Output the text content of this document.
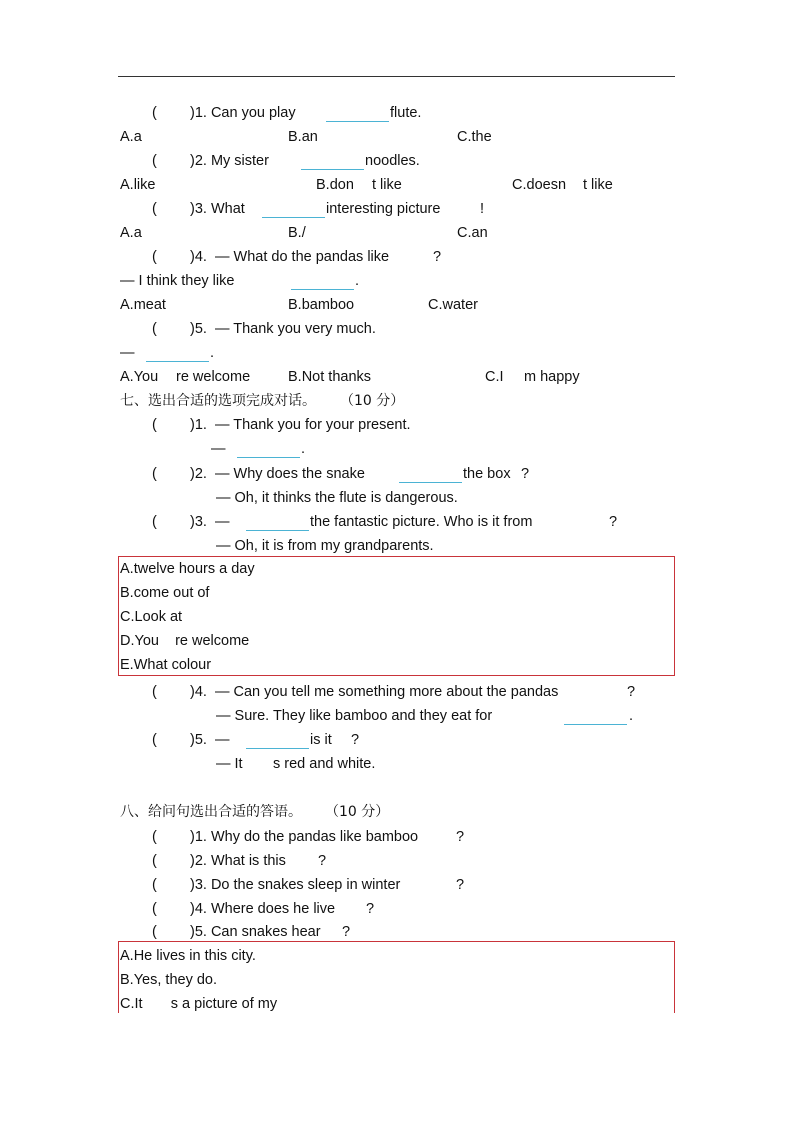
( )1. Can you play	flute.
A.a	B.an	C.the
( )2. My sister	noodles.
A.like	B.don t like	C.doesn t like
( )3. What	interesting picture	!
A.a	B./	C.an
( )4.  — What do the pandas like	?
— I think they like	.
A.meat	B.bamboo	C.water
( )5.  — Thank you very much.
—	.
A.You re welcome	B.Not thanks	C.I m happy
七、选出合适的选项完成对话。 （10 分）
( )1.  — Thank you for your present.
—	.
( )2.  — Why does the snake	the box ?
— Oh, it thinks the flute is dangerous.
( )3.  —	the fantastic picture. Who is it from	?
— Oh, it is from my grandparents.
A.twelve hours a day
B.come out of
C.Look at
D.You    re welcome
E.What colour
( )4.  — Can you tell me something more about the pandas	?
— Sure. They like bamboo and they eat for	.
( )5.  —	is it ?
— It s red and white.
八、给问句选出合适的答语。 （10 分）
( )1. Why do the pandas like bamboo	?
( )2. What is this ?
( )3. Do the snakes sleep in winter	?
( )4. Where does he live ?
( )5. Can snakes hear ?
A.He lives in this city.
B.Yes, they do.
C.It       s a picture of my
